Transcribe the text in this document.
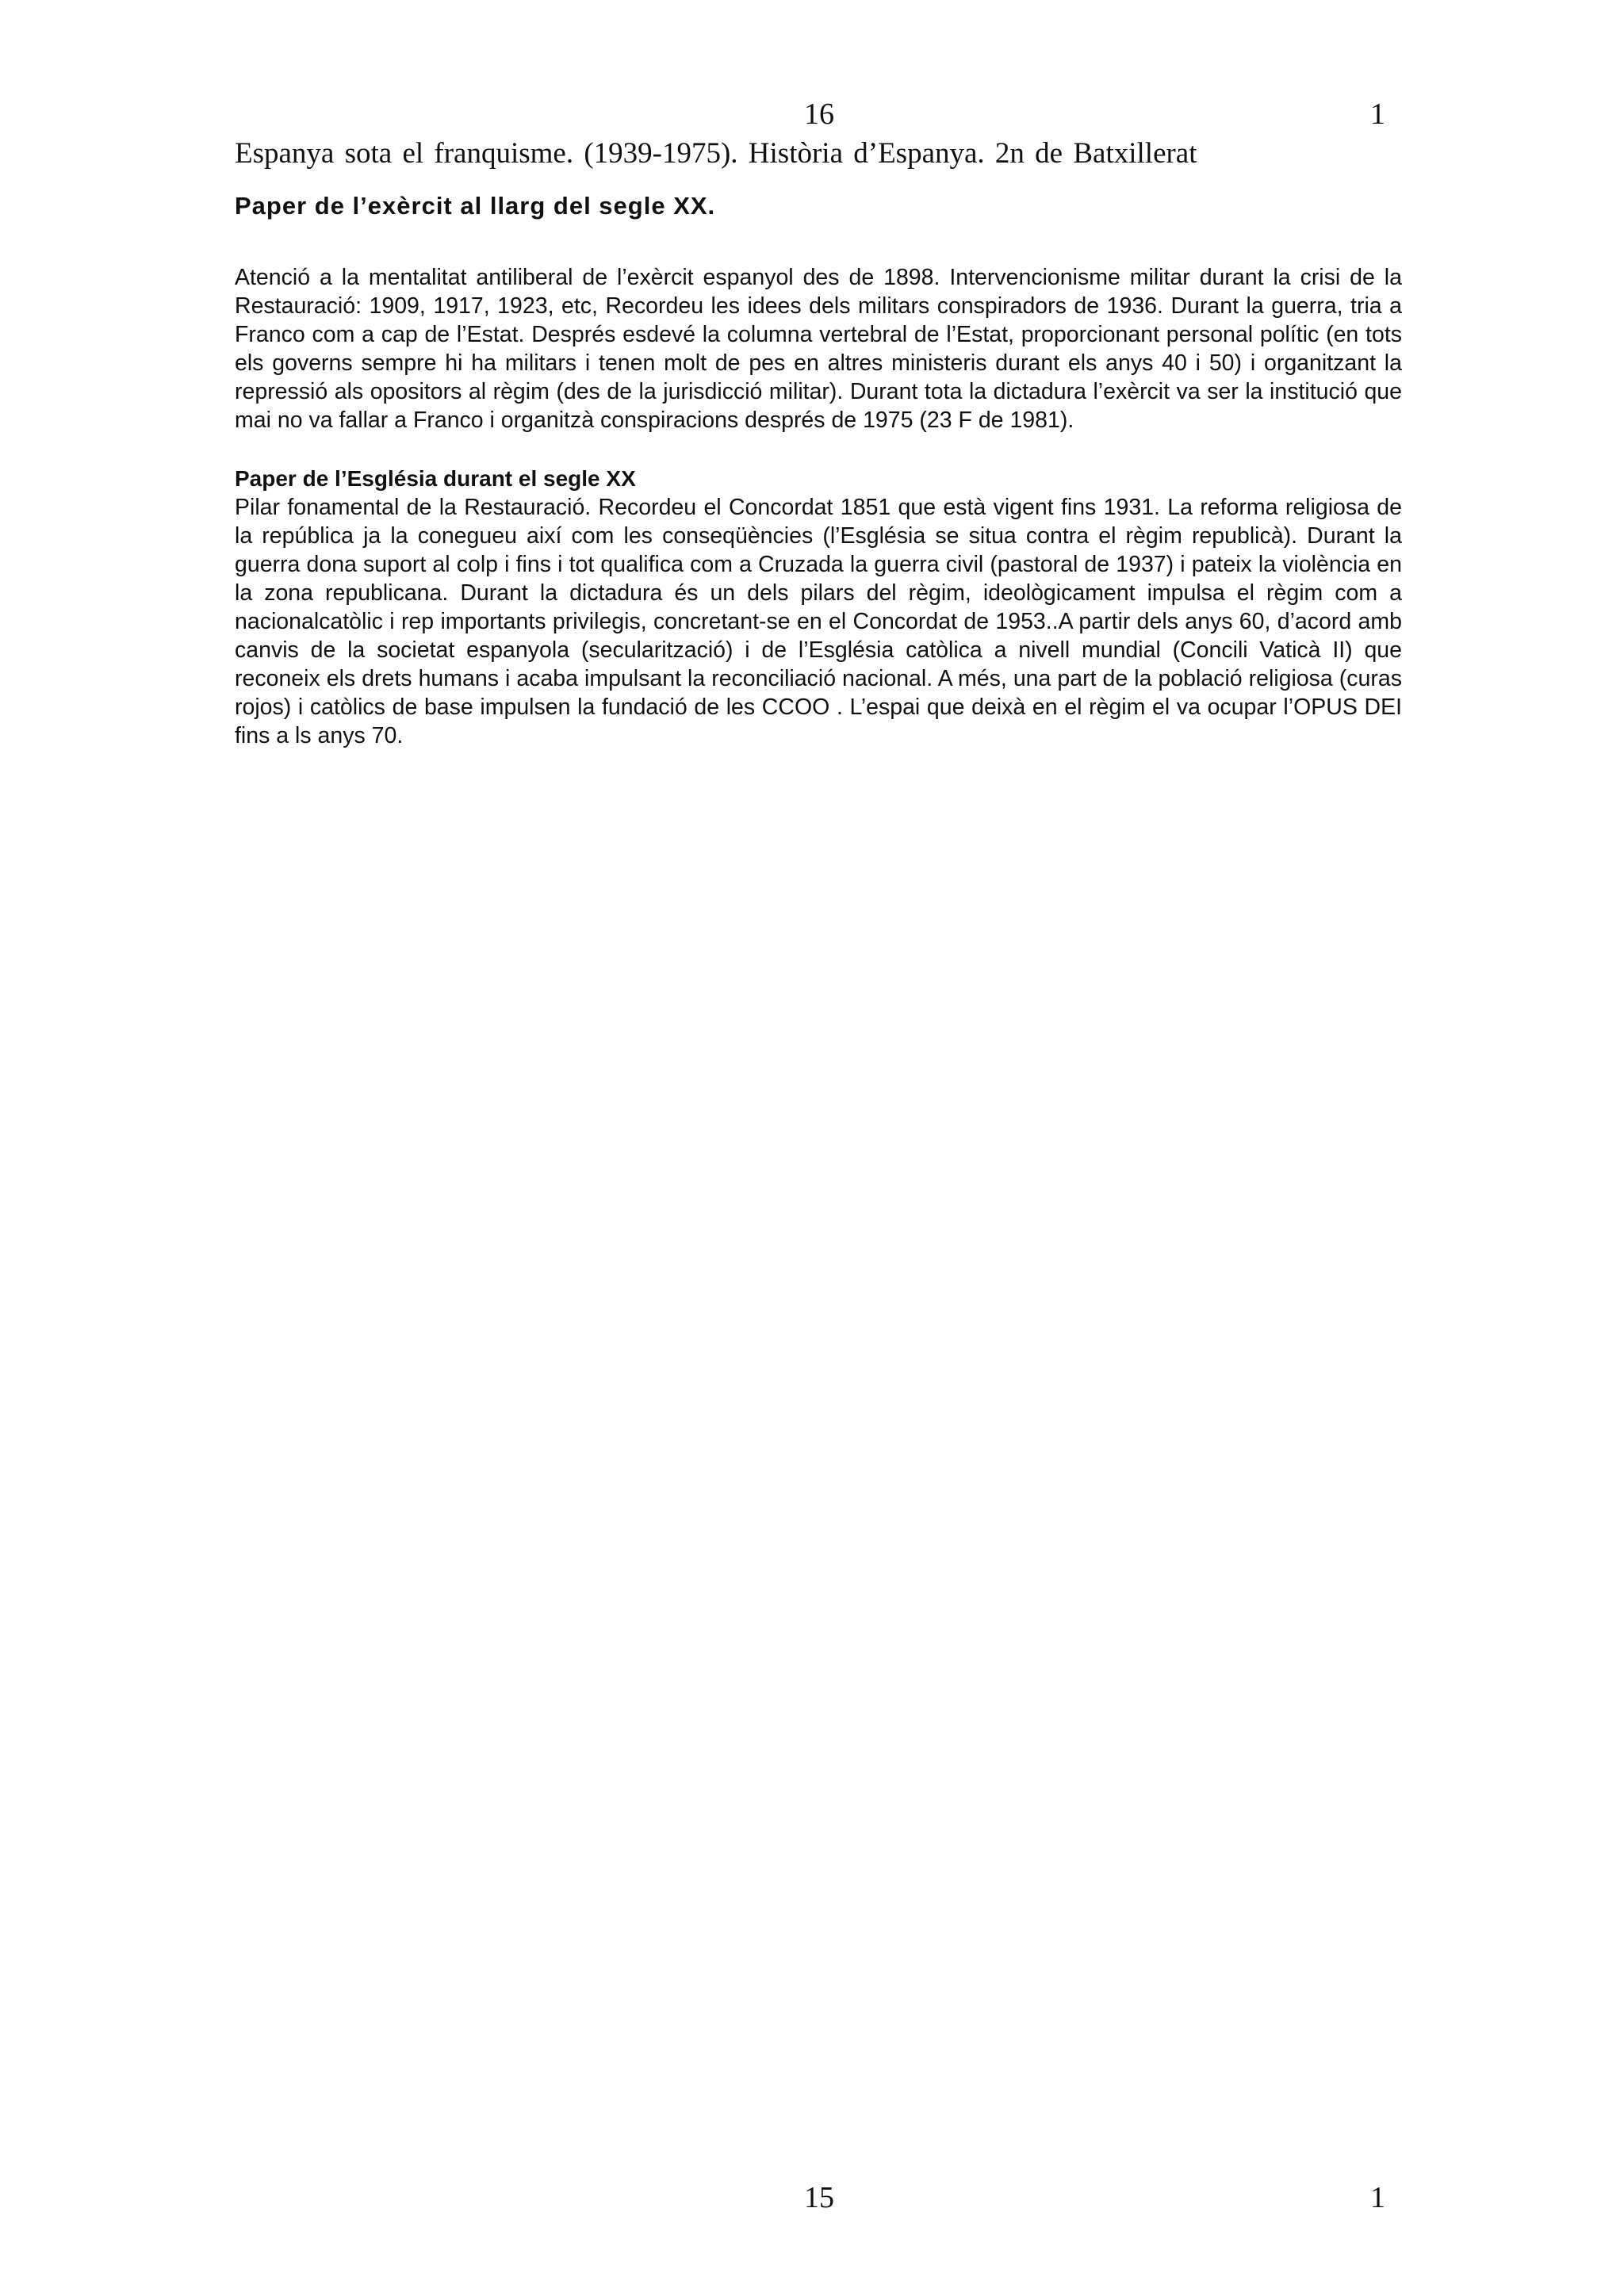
16	1
Espanya sota el franquisme. (1939-1975). Història d’Espanya. 2n de Batxillerat
Paper de l’exèrcit al llarg del segle XX.

Atenció a la mentalitat antiliberal de l’exèrcit espanyol des de 1898. Intervencionisme militar durant la crisi de la Restauració: 1909, 1917, 1923, etc, Recordeu les idees dels militars conspiradors de 1936. Durant la guerra, tria a Franco com a cap de l’Estat. Després esdevé la columna vertebral de l’Estat, proporcionant personal polític (en tots els governs sempre hi ha militars i tenen molt de pes en altres ministeris durant els anys 40 i 50) i organitzant la repressió als opositors al règim (des de la jurisdicció militar). Durant tota la dictadura l’exèrcit va ser la institució que mai no va fallar a Franco i organitzà conspiracions després de 1975 (23 F de 1981).

Paper de l’Església durant el segle XX

Pilar fonamental de la Restauració. Recordeu el Concordat 1851 que està vigent fins 1931. La reforma religiosa de la república ja la conegueu així com les conseqüències (l’Església se situa contra el règim republicà). Durant la guerra dona suport al colp i fins i tot qualifica com a Cruzada la guerra civil (pastoral de 1937) i pateix la violència en la zona republicana. Durant la dictadura és un dels pilars del règim, ideològicament impulsa el règim com a nacionalcatòlic i rep importants privilegis, concretant-se en el Concordat de 1953..A partir dels anys 60, d’acord amb canvis de la societat espanyola (secularització) i de l’Església catòlica a nivell mundial (Concili Vaticà II) que reconeix els drets humans i acaba impulsant la reconciliació nacional. A més, una part de la població religiosa (curas rojos) i catòlics de base impulsen la fundació de les CCOO . L’espai que deixà en el règim el va ocupar l’OPUS DEI fins a ls anys 70.

15	1
